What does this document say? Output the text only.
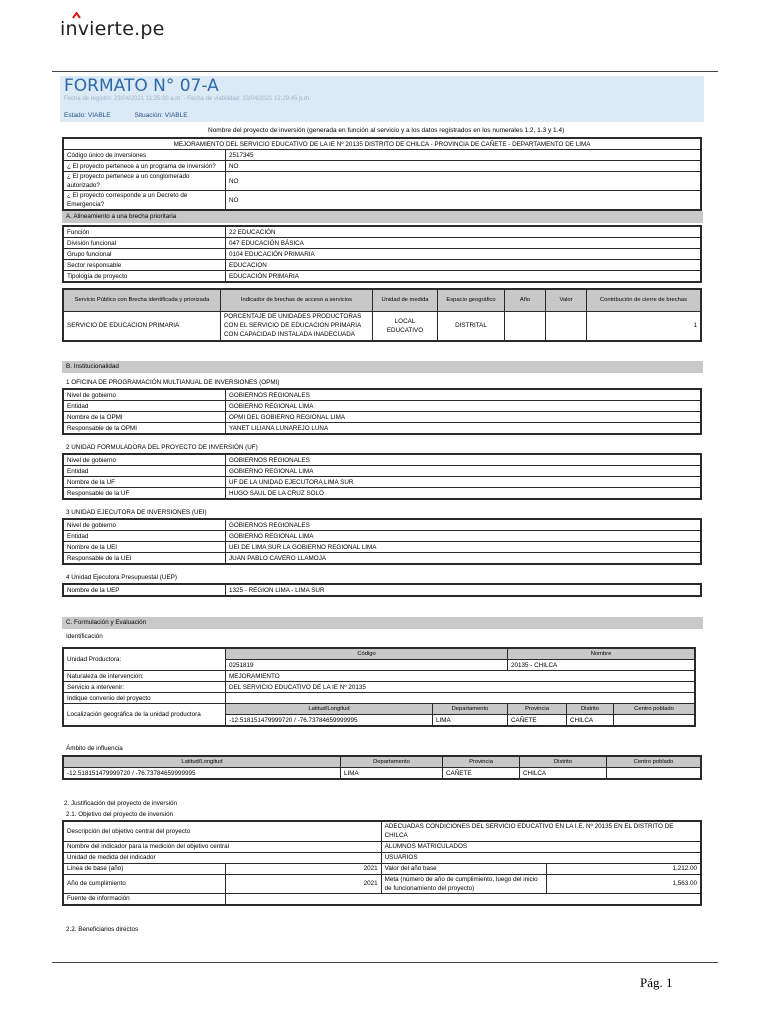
invierte.pe
FORMATO N° 07-A
Fecha de registro: 23/04/2021 11:35:00 a.m. - Fecha de viabilidad: 23/04/2021 12:29:45 p.m.
Estado: VIABLE	Situación: VIABLE
Nombre del proyecto de inversión (generada en función al servicio y a los datos registrados en los numerales 1.2, 1.3 y 1.4)
MEJORAMIENTO DEL SERVICIO EDUCATIVO DE LA IE Nº 20135 DISTRITO DE CHILCA - PROVINCIA DE CAÑETE - DEPARTAMENTO DE LIMA	
Código único de inversiones	2517345
¿ El proyecto pertenece a un programa de inversión?	NO
¿ El proyecto pertenece a un conglomerado autorizado?	NO
¿ El proyecto corresponde a un Decreto de Emergencia?	NO
A. Alineamiento a una brecha prioritaria
Función	22 EDUCACIÓN
División funcional	047 EDUCACIÓN BÁSICA
Grupo funcional	0104 EDUCACIÓN PRIMARIA
Sector responsable	EDUCACION
Tipología de proyecto	EDUCACIÓN PRIMARIA
Servicio Público con Brecha identificada y priorizada	Indicador de brechas de acceso a servicios	Unidad de medida	Espacio geográfico	Año	Valor	Contribución de cierre de brechas
SERVICIO DE EDUCACION PRIMARIA	PORCENTAJE DE UNIDADES PRODUCTORAS CON EL SERVICIO DE EDUCACION PRIMARIA CON CAPACIDAD INSTALADA INADECUADA	LOCAL EDUCATIVO	DISTRITAL			1
B. Institucionalidad
1 OFICINA DE PROGRAMACIÓN MULTIANUAL DE INVERSIONES (OPMI)
Nivel de gobierno	GOBIERNOS REGIONALES
Entidad	GOBIERNO REGIONAL LIMA
Nombre de la OPMI	OPMI DEL GOBIERNO REGIONAL LIMA
Responsable de la OPMI	YANET LILIANA LUNAREJO LUNA
2 UNIDAD FORMULADORA DEL PROYECTO DE INVERSIÓN (UF)
Nivel de gobierno	GOBIERNOS REGIONALES
Entidad	GOBIERNO REGIONAL LIMA
Nombre de la UF	UF DE LA UNIDAD EJECUTORA LIMA SUR
Responsable de la UF	HUGO SAUL DE LA CRUZ SOLO
3 UNIDAD EJECUTORA DE INVERSIONES (UEI)
Nivel de gobierno	GOBIERNOS REGIONALES
Entidad	GOBIERNO REGIONAL LIMA
Nombre de la UEI	UEI DE LIMA SUR LA GOBIERNO REGIONAL LIMA
Responsable de la UEI	JUAN PABLO CAVERO LLAMOJA
4 Unidad Ejecutora Presupuestal (UEP)
Nombre de la UEP	1325 - REGION LIMA - LIMA SUR
C. Formulación y Evaluación
Identificación
Unidad Productora:	Código		Nombre		
	0251819		20135 - CHILCA		
Naturaleza de intervención:	MEJORAMIENTO				
Servicio a intervenir:	DEL SERVICIO EDUCATIVO DE LA IE Nº 20135				
Indique convenio del proyecto					
Localización geográfica de la unidad productora	Latitud/Longitud	Departamento	Provincia	Distrito	Centro poblado
	-12.518151479999720 / -76.73784659999995	LIMA	CAÑETE	CHILCA	
Ámbito de influencia
Latitud/Longitud	Departamento	Provincia	Distrito	Centro poblado
-12.518151479999720 / -76.73784659999995	LIMA	CAÑETE	CHILCA	
2. Justificación del proyecto de inversión
2.1. Objetivo del proyecto de inversión
Descripción del objetivo central del proyecto		ADECUADAS CONDICIONES DEL SERVICIO EDUCATIVO EN LA I.E. Nº 20135 EN EL DISTRITO DE CHILCA	
Nombre del indicador para la medición del objetivo central		ALUMNOS MATRICULADOS	
Unidad de medida del indicador		USUARIOS	
Línea de base (año)	2021	Valor del año base	1,212.00
Año de cumplimiento	2021	Meta (número de año de cumplimiento, luego del inicio de funcionamiento del proyecto)	1,563.00
Fuente de información			
2.2. Beneficiarios directos
Pág. 1
